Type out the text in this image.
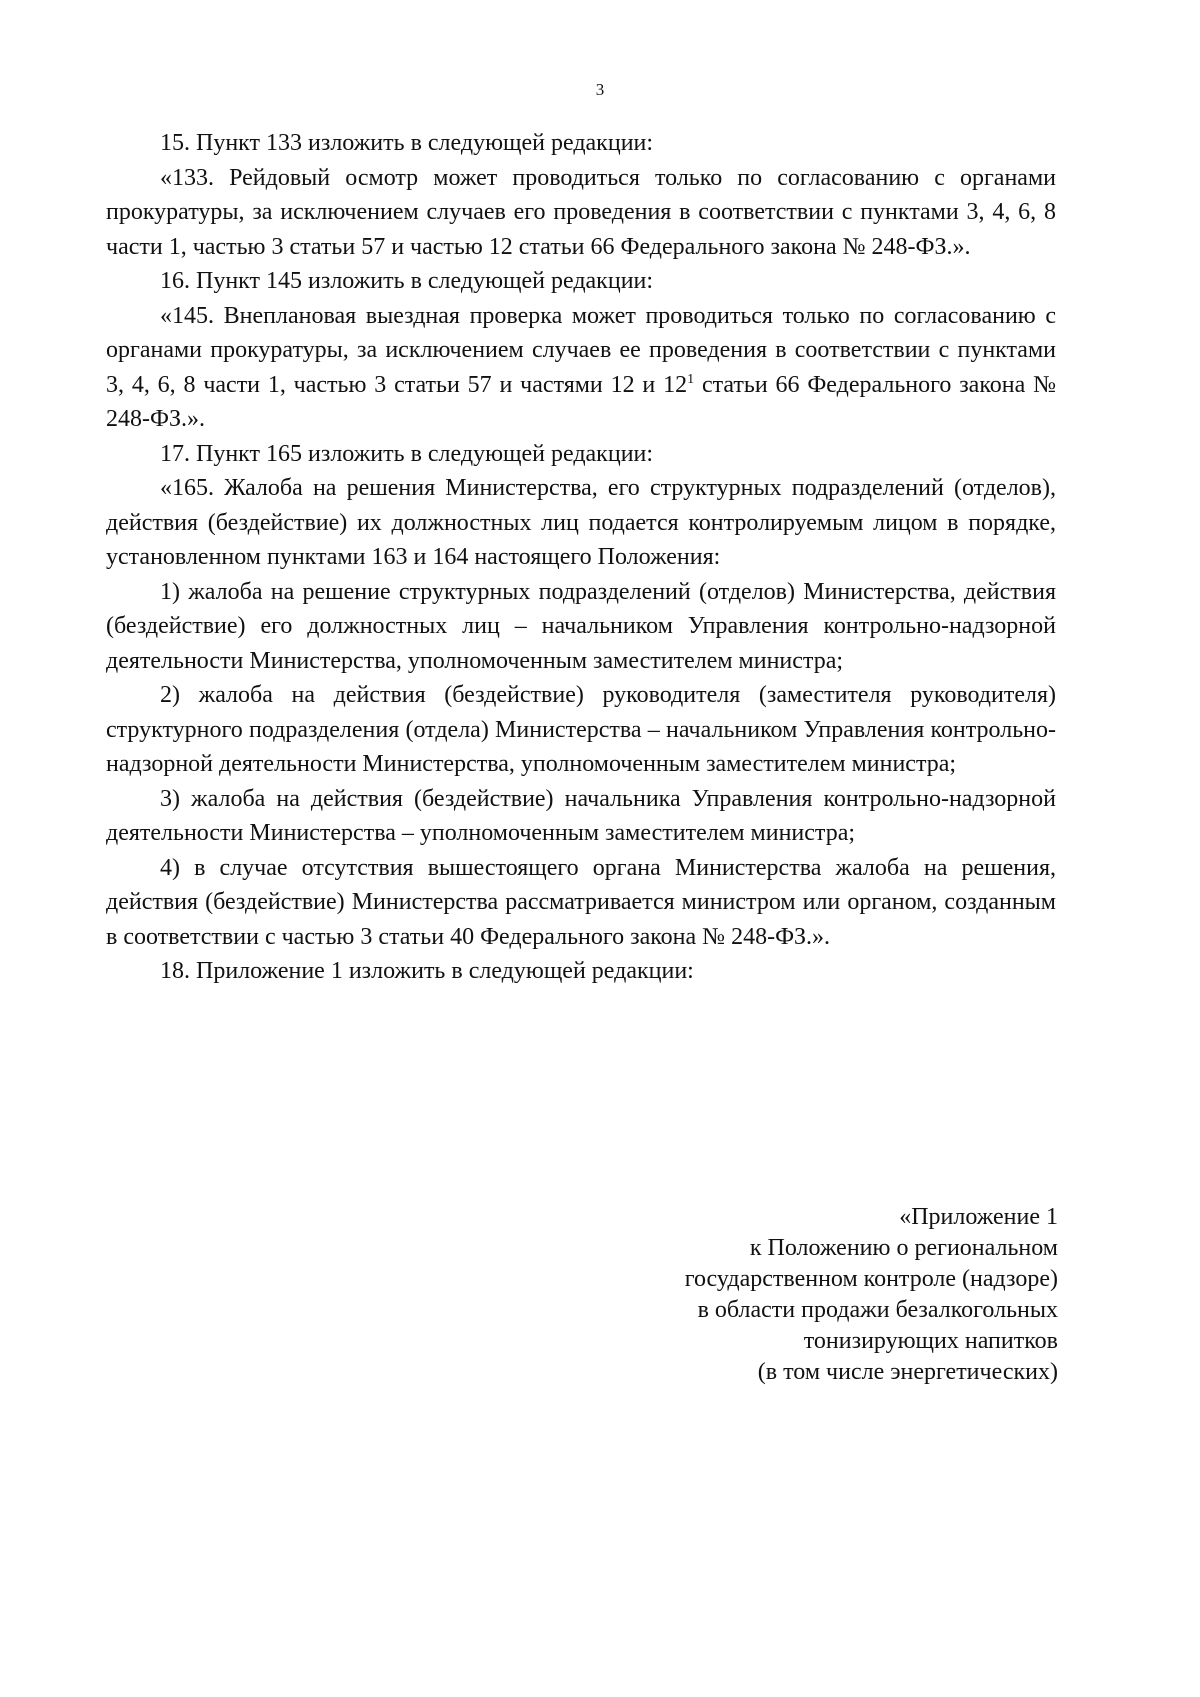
3

15. Пункт 133 изложить в следующей редакции:

«133. Рейдовый осмотр может проводиться только по согласованию с органами прокуратуры, за исключением случаев его проведения в соответствии с пунктами 3, 4, 6, 8 части 1, частью 3 статьи 57 и частью 12 статьи 66 Федерального закона № 248-ФЗ.».

16. Пункт 145 изложить в следующей редакции:

«145. Внеплановая выездная проверка может проводиться только по согласованию с органами прокуратуры, за исключением случаев ее проведения в соответствии с пунктами 3, 4, 6, 8 части 1, частью 3 статьи 57 и частями 12 и $12^1$ статьи 66 Федерального закона № 248-ФЗ.».

17. Пункт 165 изложить в следующей редакции:

«165. Жалоба на решения Министерства, его структурных подразделений (отделов), действия (бездействие) их должностных лиц подается контролируемым лицом в порядке, установленном пунктами 163 и 164 настоящего Положения:

1) жалоба на решение структурных подразделений (отделов) Министерства, действия (бездействие) его должностных лиц – начальником Управления контрольно-надзорной деятельности Министерства, уполномоченным заместителем министра;

2) жалоба на действия (бездействие) руководителя (заместителя руководителя) структурного подразделения (отдела) Министерства – начальником Управления контрольно-надзорной деятельности Министерства, уполномоченным заместителем министра;

3) жалоба на действия (бездействие) начальника Управления контрольно-надзорной деятельности Министерства – уполномоченным заместителем министра;

4) в случае отсутствия вышестоящего органа Министерства жалоба на решения, действия (бездействие) Министерства рассматривается министром или органом, созданным в соответствии с частью 3 статьи 40 Федерального закона № 248-ФЗ.».

18. Приложение 1 изложить в следующей редакции:

«Приложение 1
к Положению о региональном
государственном контроле (надзоре)
в области продажи безалкогольных
тонизирующих напитков
(в том числе энергетических)
